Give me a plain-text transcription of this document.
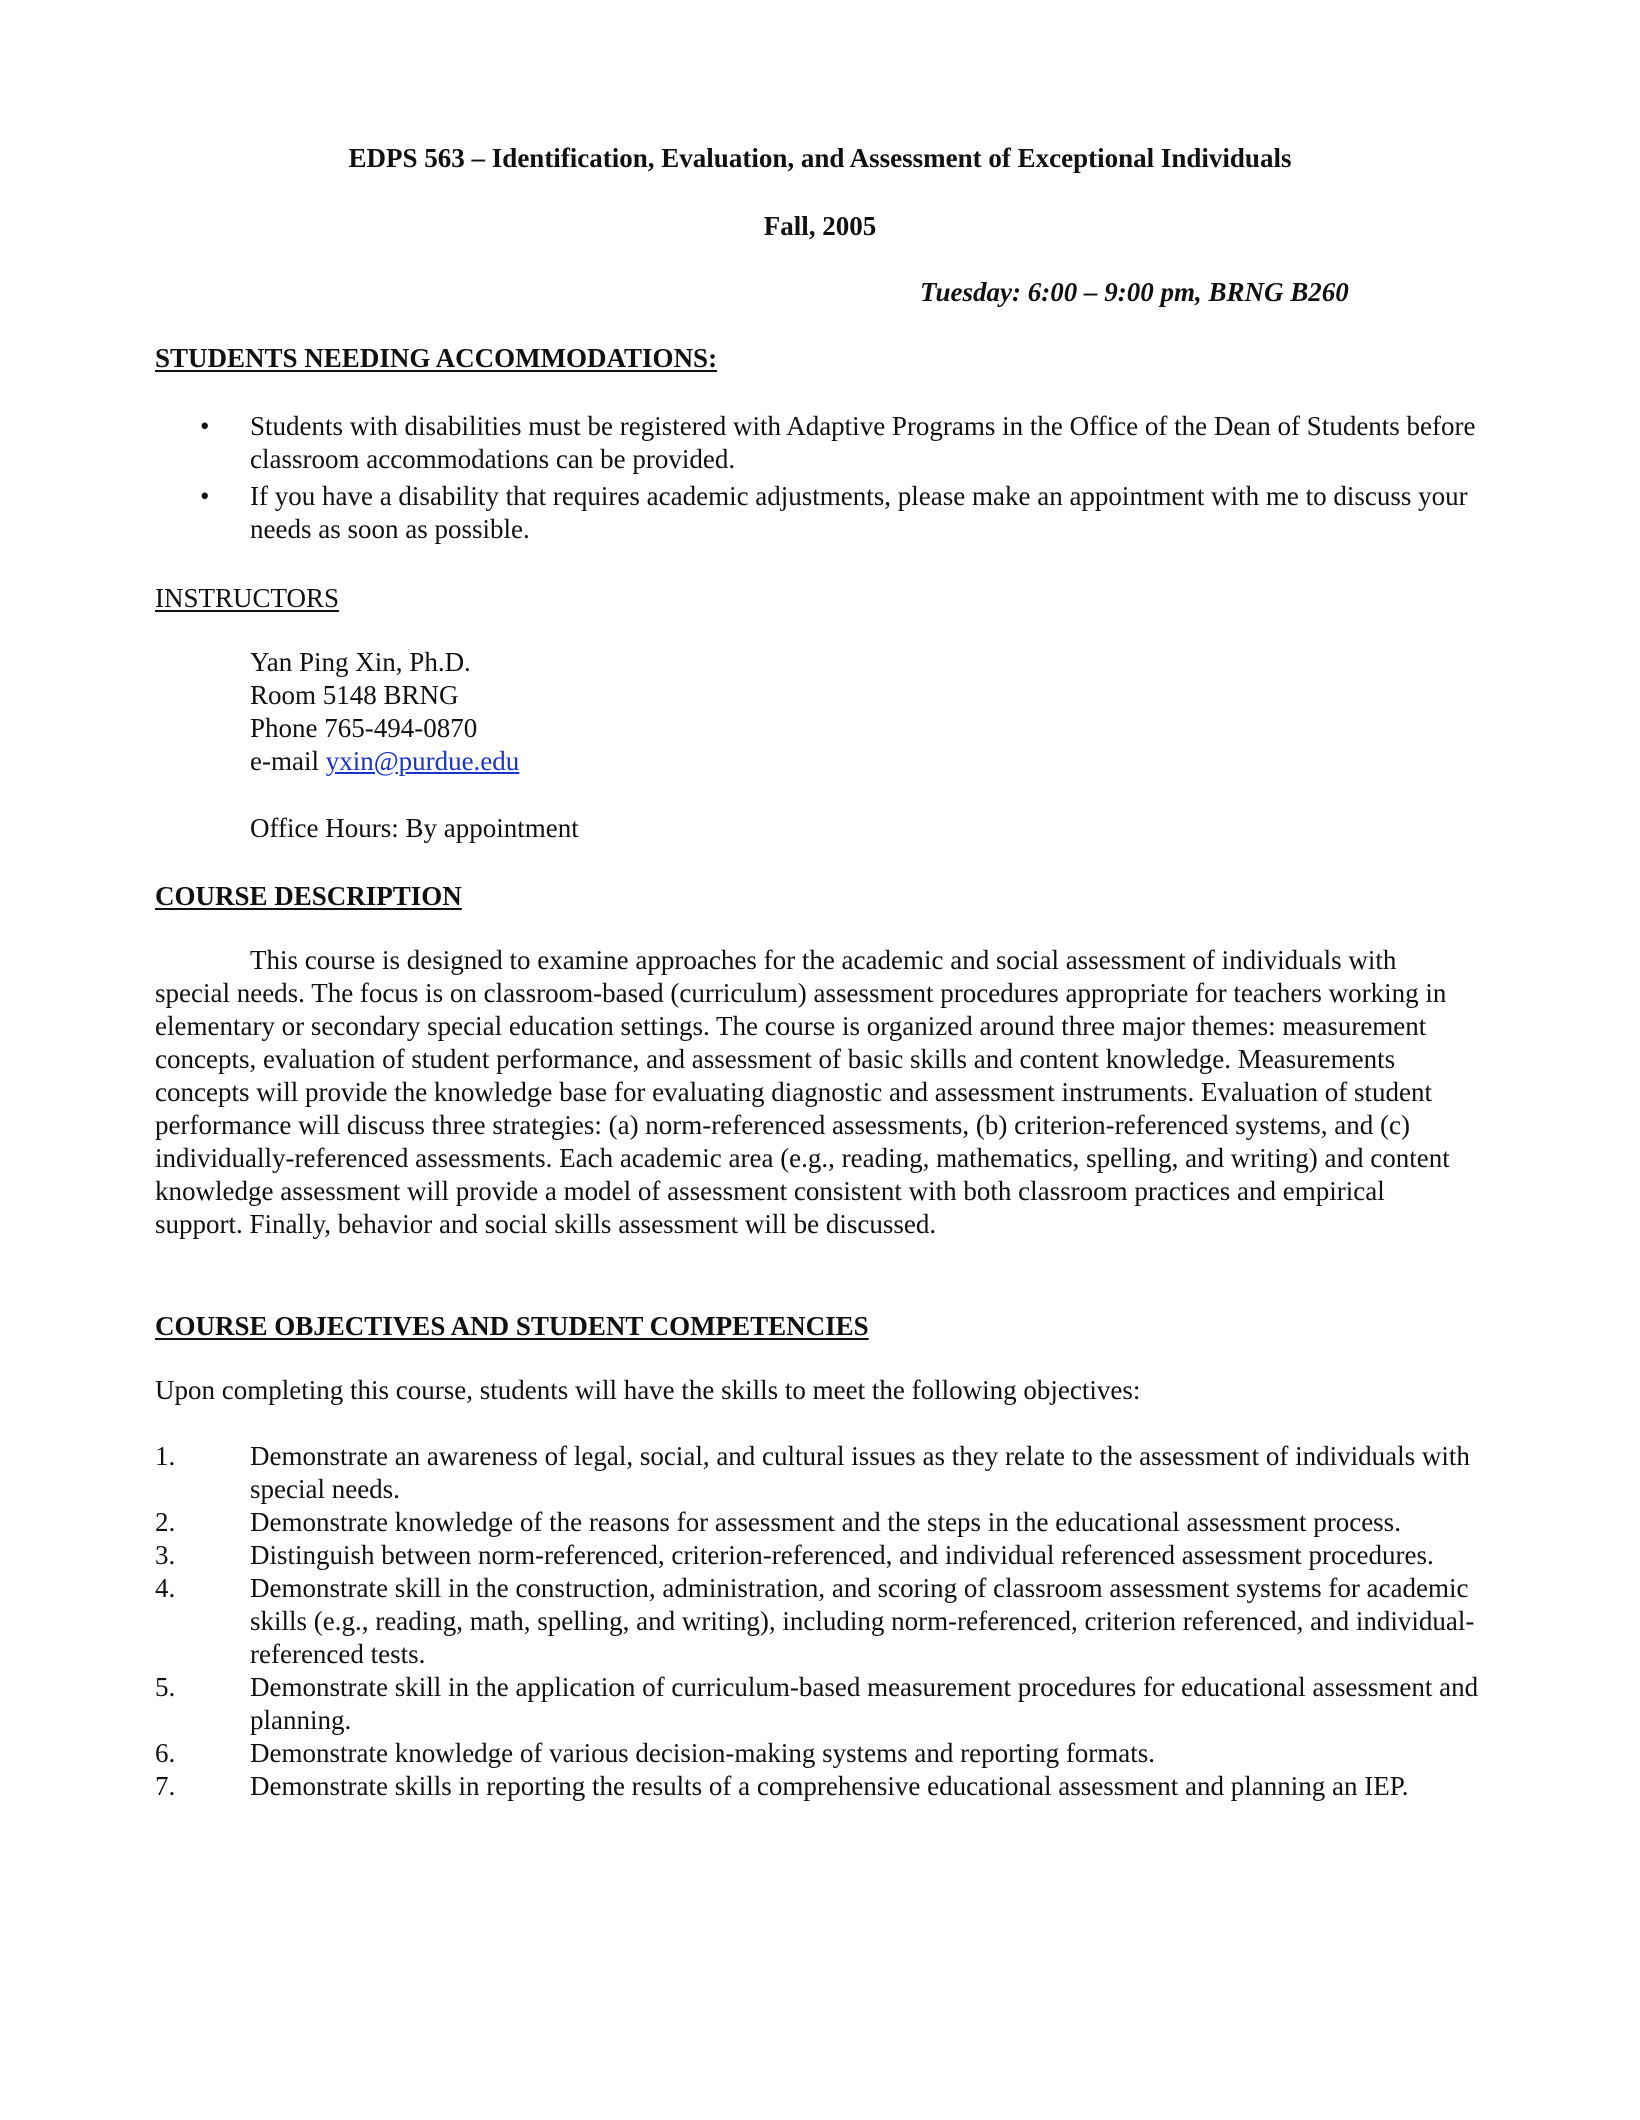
EDPS 563 – Identification, Evaluation, and Assessment of Exceptional Individuals
Fall, 2005
Tuesday: 6:00 – 9:00 pm, BRNG B260
STUDENTS NEEDING ACCOMMODATIONS:
• Students with disabilities must be registered with Adaptive Programs in the Office of the Dean of Students before classroom accommodations can be provided.
• If you have a disability that requires academic adjustments, please make an appointment with me to discuss your needs as soon as possible.
INSTRUCTORS
Yan Ping Xin, Ph.D.
Room 5148 BRNG
Phone 765-494-0870
e-mail yxin@purdue.edu
Office Hours: By appointment
COURSE DESCRIPTION

This course is designed to examine approaches for the academic and social assessment of individuals with special needs. The focus is on classroom-based (curriculum) assessment procedures appropriate for teachers working in elementary or secondary special education settings. The course is organized around three major themes: measurement concepts, evaluation of student performance, and assessment of basic skills and content knowledge. Measurements concepts will provide the knowledge base for evaluating diagnostic and assessment instruments. Evaluation of student performance will discuss three strategies: (a) norm-referenced assessments, (b) criterion-referenced systems, and (c) individually-referenced assessments. Each academic area (e.g., reading, mathematics, spelling, and writing) and content knowledge assessment will provide a model of assessment consistent with both classroom practices and empirical support. Finally, behavior and social skills assessment will be discussed.

COURSE OBJECTIVES AND STUDENT COMPETENCIES
Upon completing this course, students will have the skills to meet the following objectives:
1.	Demonstrate an awareness of legal, social, and cultural issues as they relate to the assessment of individuals with special needs.
2.	Demonstrate knowledge of the reasons for assessment and the steps in the educational assessment process.
3.	Distinguish between norm-referenced, criterion-referenced, and individual referenced assessment procedures.
4.	Demonstrate skill in the construction, administration, and scoring of classroom assessment systems for academic skills (e.g., reading, math, spelling, and writing), including norm-referenced, criterion referenced, and individual-referenced tests.
5.	Demonstrate skill in the application of curriculum-based measurement procedures for educational assessment and planning.
6.	Demonstrate knowledge of various decision-making systems and reporting formats.
7.	Demonstrate skills in reporting the results of a comprehensive educational assessment and planning an IEP.
